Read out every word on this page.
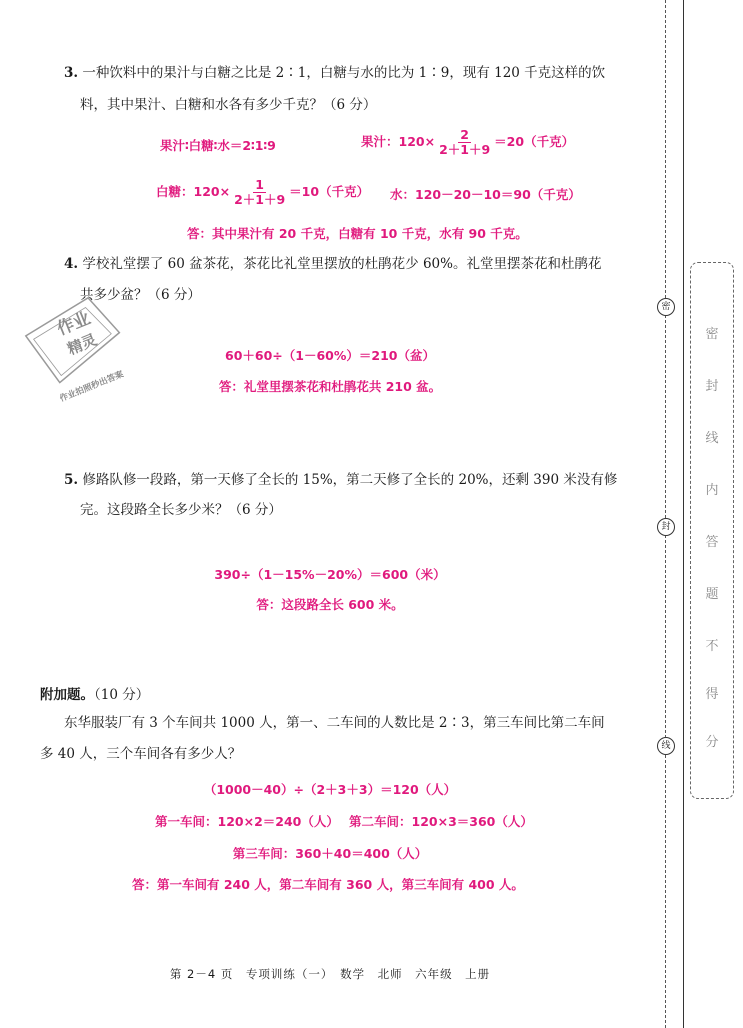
3. 一种饮料中的果汁与白糖之比是 2∶1，白糖与水的比为 1∶9，现有 120 千克这样的饮
料，其中果汁、白糖和水各有多少千克？（6 分）
果汁∶白糖∶水＝2∶1∶9	果汁：$120\times \frac{2}{2+1+9} =20$（千克）
白糖：$120\times \frac{1}{2+1+9} =10$（千克） 水：120－20－10＝90（千克）
答：其中果汁有 20 千克，白糖有 10 千克，水有 90 千克。
4. 学校礼堂摆了 60 盆茶花，茶花比礼堂里摆放的杜鹃花少 60%。礼堂里摆茶花和杜鹃花
共多少盆？（6 分）
60＋60÷（1－60%）＝210（盆）
答：礼堂里摆茶花和杜鹃花共 210 盆。
作业
精灵
作业拍照秒出答案
5. 修路队修一段路，第一天修了全长的 15%，第二天修了全长的 20%，还剩 390 米没有修
完。这段路全长多少米？（6 分）
390÷（1－15%－20%）＝600（米）
答：这段路全长 600 米。
附加题。（10 分）
东华服装厂有 3 个车间共 1000 人，第一、二车间的人数比是 2∶3，第三车间比第二车间
多 40 人，三个车间各有多少人？
（1000－40）÷（2＋3＋3）＝120（人）
第一车间：120×2＝240（人） 第二车间：120×3＝360（人）
第三车间：360＋40＝400（人）
答：第一车间有 240 人，第二车间有 360 人，第三车间有 400 人。
第 2－4 页　专项训练（一）　数学　北师　六年级　上册
密
封
线
密
封
线
内
答
题
不
得
分
